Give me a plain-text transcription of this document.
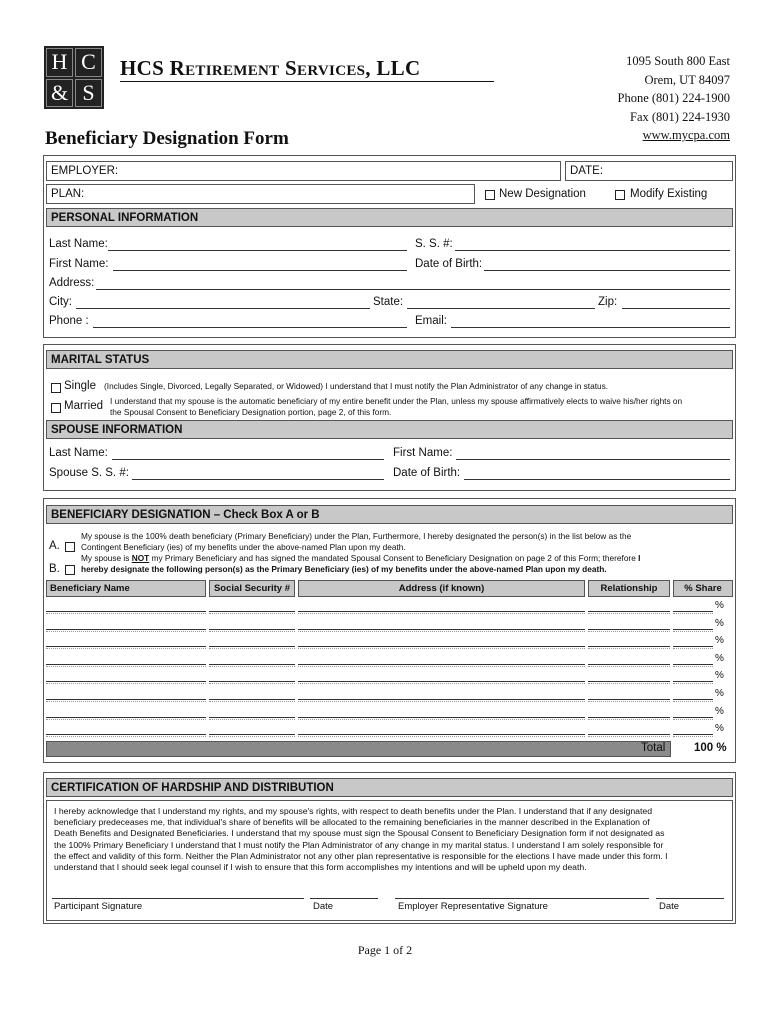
H C
& S
HCS Retirement Services, LLC	1095 South 800 East
Orem, UT 84097
Phone (801) 224-1900
Fax (801) 224-1930
www.mycpa.com
Beneficiary Designation Form
EMPLOYER:	DATE:
PLAN:	New Designation	Modify Existing
PERSONAL INFORMATION
Last Name:	S. S. #:
First Name:	Date of Birth:
Address:
City:	State:	Zip:
Phone :	Email:
MARITAL STATUS
Single (Includes Single, Divorced, Legally Separated, or Widowed) I understand that I must notify the Plan Administrator of any change in status.
Married I understand that my spouse is the automatic beneficiary of my entire benefit under the Plan, unless my spouse affirmatively elects to waive his/her rights on
the Spousal Consent to Beneficiary Designation portion, page 2, of this form.
SPOUSE INFORMATION
Last Name:	First Name:
Spouse S. S. #:	Date of Birth:
BENEFICIARY DESIGNATION – Check Box A or B
A.
My spouse is the 100% death beneficiary (Primary Beneficiary) under the Plan, Furthermore, I hereby designated the person(s) in the list below as the
Contingent Beneficiary (ies) of my benefits under the above-named Plan upon my death.
B.
My spouse is NOT my Primary Beneficiary and has signed the mandated Spousal Consent to Beneficiary Designation on page 2 of this Form; therefore I
hereby designate the following person(s) as the Primary Beneficiary (ies) of my benefits under the above-named Plan upon my death.
Beneficiary Name	Social Security #	Address (if known)	Relationship	% Share
%
%
%
%
%
%
%
%
Total 100 %
CERTIFICATION OF HARDSHIP AND DISTRIBUTION
I hereby acknowledge that I understand my rights, and my spouse's rights, with respect to death benefits under the Plan. I understand that if any designated
beneficiary predeceases me, that individual's share of benefits will be allocated to the remaining beneficiaries in the manner described in the Explanation of
Death Benefits and Designated Beneficiaries. I understand that my spouse must sign the Spousal Consent to Beneficiary Designation form if not designated as
the 100% Primary Beneficiary I understand that I must notify the Plan Administrator of any change in my marital status. I understand I am solely responsible for
the effect and validity of this form. Neither the Plan Administrator not any other plan representative is responsible for the elections I have made under this form. I
understand that I should seek legal counsel if I wish to ensure that this form accomplishes my intentions and will be upheld upon my death.
Participant Signature	Date	Employer Representative Signature	Date
Page 1 of 2
